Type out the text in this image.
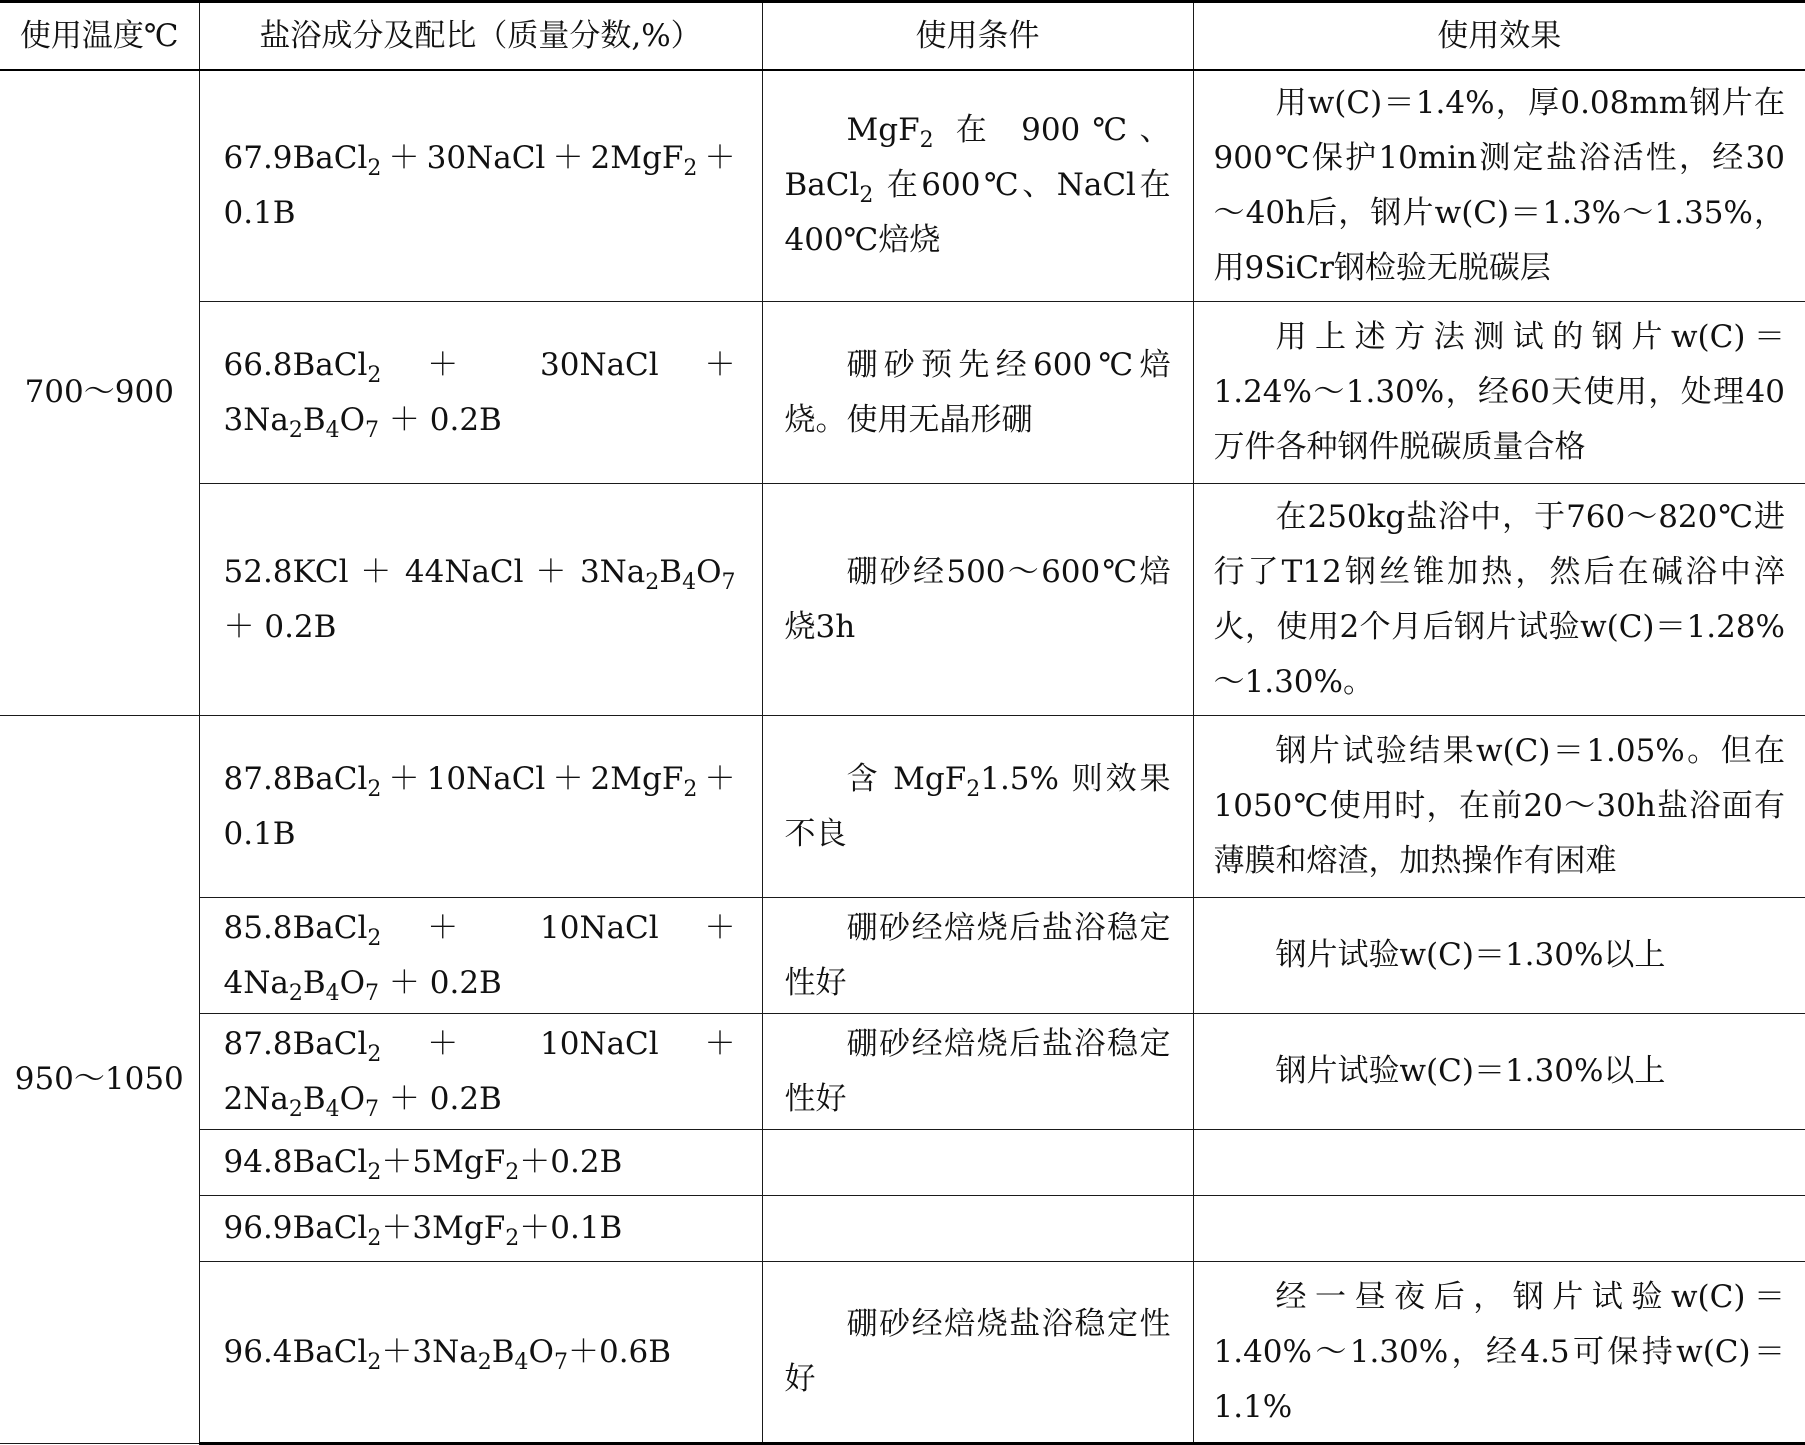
使用温度℃	盐浴成分及配比（质量分数,%）	使用条件	使用效果
700～900	67.9BaCl$_2$＋30NaCl＋2MgF$_2$＋0.1B	MgF$_2$ 在 900℃、BaCl$_2$ 在600℃、NaCl在400℃焙烧	用w(C)＝1.4%，厚0.08mm钢片在900℃保护10min测定盐浴活性，经30～40h后，钢片w(C)＝1.3%～1.35%，用9SiCr钢检验无脱碳层
	66.8BaCl$_2$ ＋ 30NaCl ＋ $3Na_2B_4O_7 + 0.2B$	硼砂预先经600℃焙烧。使用无晶形硼	用上述方法测试的钢片w(C)＝1.24%～1.30%，经60天使用，处理40万件各种钢件脱碳质量合格
	52.8KCl ＋ 44NaCl ＋ $3Na_2B_4O_7 + 0.2B$	硼砂经500～600℃焙烧3h	在250kg盐浴中，于760～820℃进行了T12钢丝锥加热，然后在碱浴中淬火，使用2个月后钢片试验w(C)＝1.28%～1.30%。
950～1050	87.8BaCl$_2$＋10NaCl＋2MgF$_2$＋0.1B	含 MgF$_2$1.5% 则效果不良	钢片试验结果w(C)＝1.05%。但在1050℃使用时，在前20～30h盐浴面有薄膜和熔渣，加热操作有困难
	85.8BaCl$_2$ ＋ 10NaCl ＋ $4Na_2B_4O_7 + 0.2B$	硼砂经焙烧后盐浴稳定性好	钢片试验w(C)＝1.30%以上
	87.8BaCl$_2$ ＋ 10NaCl ＋ $2Na_2B_4O_7 + 0.2B$	硼砂经焙烧后盐浴稳定性好	钢片试验w(C)＝1.30%以上
	94.8BaCl$_2$＋5MgF$_2$＋0.2B		
	96.9BaCl$_2$＋3MgF$_2$＋0.1B		
	$96.4BaCl_2+3Na_2B_4O_7+0.6B$	硼砂经焙烧盐浴稳定性好	经一昼夜后，钢片试验w(C)＝1.40%～1.30%，经4.5可保持w(C)＝1.1%
